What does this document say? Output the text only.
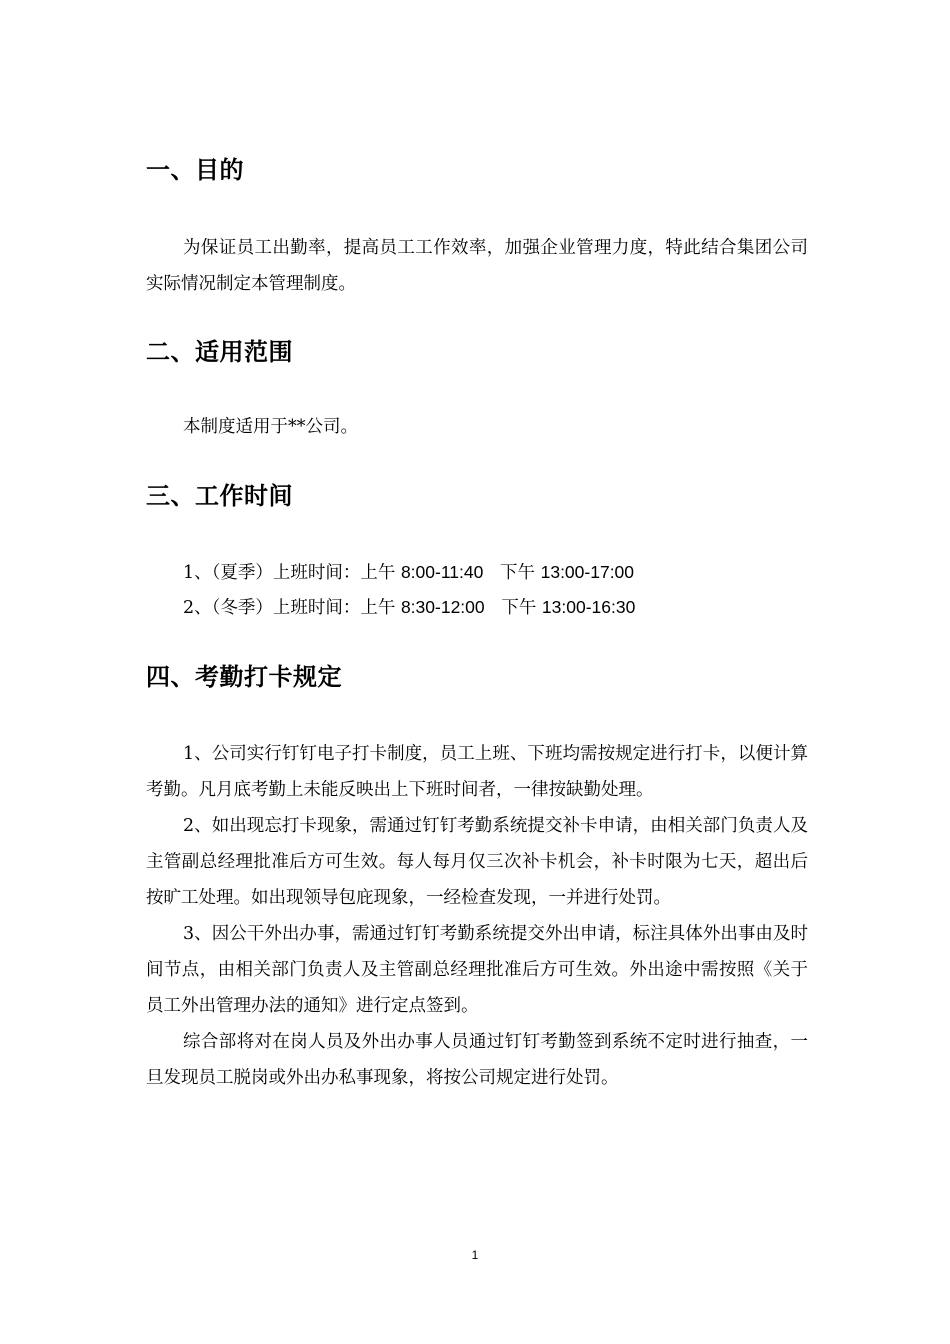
一、目的
为保证员工出勤率，提高员工工作效率，加强企业管理力度，特此结合集团公司实际情况制定本管理制度。
二、适用范围
本制度适用于**公司。
三、工作时间
1、（夏季）上班时间：上午 8:00-11:40   下午 13:00-17:00
2、（冬季）上班时间：上午 8:30-12:00   下午 13:00-16:30
四、考勤打卡规定
1、公司实行钉钉电子打卡制度，员工上班、下班均需按规定进行打卡，以便计算考勤。凡月底考勤上未能反映出上下班时间者，一律按缺勤处理。
2、如出现忘打卡现象，需通过钉钉考勤系统提交补卡申请，由相关部门负责人及主管副总经理批准后方可生效。每人每月仅三次补卡机会，补卡时限为七天，超出后按旷工处理。如出现领导包庇现象，一经检查发现，一并进行处罚。
3、因公干外出办事，需通过钉钉考勤系统提交外出申请，标注具体外出事由及时间节点，由相关部门负责人及主管副总经理批准后方可生效。外出途中需按照《关于员工外出管理办法的通知》进行定点签到。
综合部将对在岗人员及外出办事人员通过钉钉考勤签到系统不定时进行抽查，一旦发现员工脱岗或外出办私事现象，将按公司规定进行处罚。
1
